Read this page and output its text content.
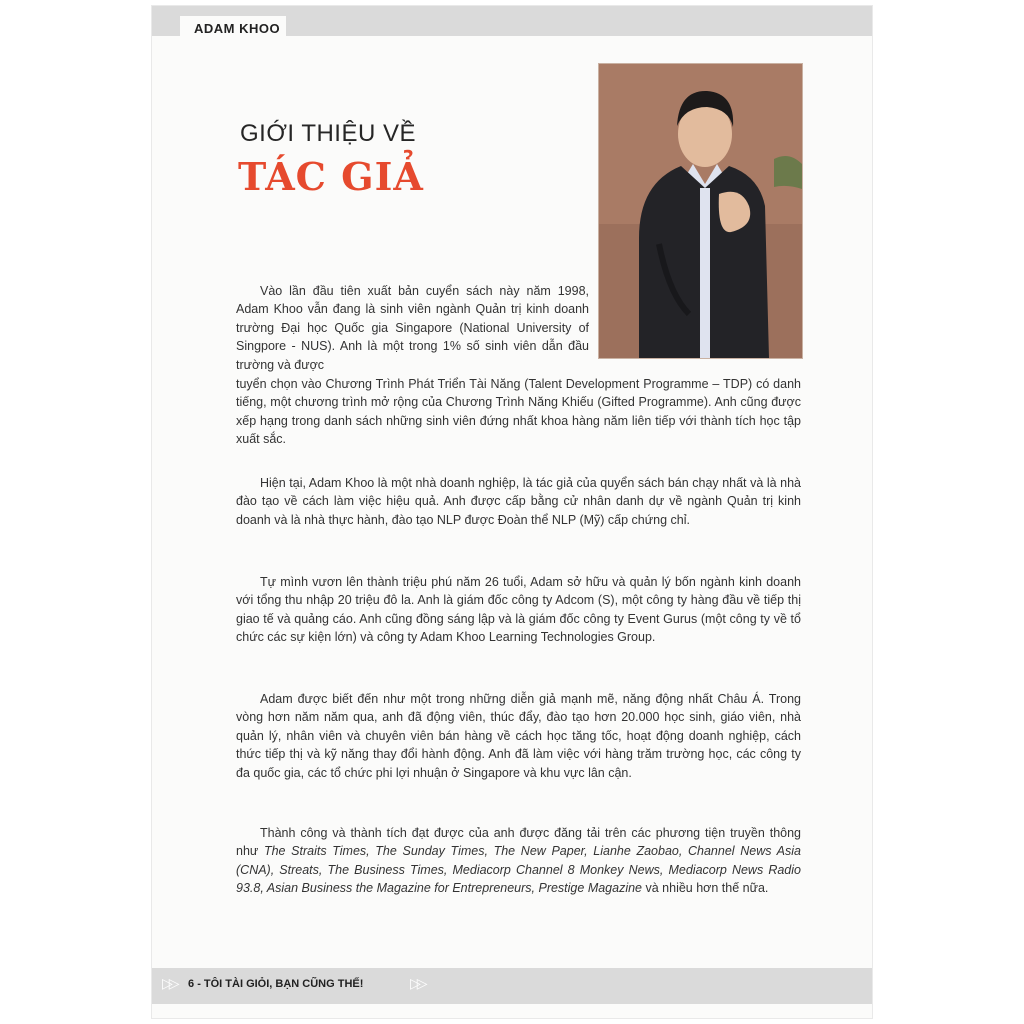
ADAM KHOO
GIỚI THIỆU VỀ
TÁC GIẢ
Vào lần đầu tiên xuất bản cuyển sách này năm 1998, Adam Khoo vẫn đang là sinh viên ngành Quản trị kinh doanh trường Đại học Quốc gia Singapore (National University of Singpore - NUS). Anh là một trong 1% số sinh viên dẫn đầu trường và được
tuyển chọn vào Chương Trình Phát Triển Tài Năng (Talent Development Programme – TDP) có danh tiếng, một chương trình mở rộng của Chương Trình Năng Khiếu (Gifted Programme). Anh cũng được xếp hạng trong danh sách những sinh viên đứng nhất khoa hàng năm liên tiếp với thành tích học tập xuất sắc.
Hiện tại, Adam Khoo là một nhà doanh nghiệp, là tác giả của quyển sách bán chạy nhất và là nhà đào tạo về cách làm việc hiệu quả. Anh được cấp bằng cử nhân danh dự về ngành Quản trị kinh doanh và là nhà thực hành, đào tạo NLP được Đoàn thể NLP (Mỹ) cấp chứng chỉ.
Tự mình vươn lên thành triệu phú năm 26 tuổi, Adam sở hữu và quản lý bốn ngành kinh doanh với tổng thu nhập 20 triệu đô la. Anh là giám đốc công ty Adcom (S), một công ty hàng đầu về tiếp thị giao tế và quảng cáo. Anh cũng đồng sáng lập và là giám đốc công ty Event Gurus (một công ty về tổ chức các sự kiện lớn) và công ty Adam Khoo Learning Technologies Group.
Adam được biết đến như một trong những diễn giả mạnh mẽ, năng động nhất Châu Á. Trong vòng hơn năm năm qua, anh đã động viên, thúc đẩy, đào tạo hơn 20.000 học sinh, giáo viên, nhà quản lý, nhân viên và chuyên viên bán hàng về cách học tăng tốc, hoạt động doanh nghiệp, cách thức tiếp thị và kỹ năng thay đổi hành động. Anh đã làm việc với hàng trăm trường học, các công ty đa quốc gia, các tổ chức phi lợi nhuận ở Singapore và khu vực lân cận.
Thành công và thành tích đạt được của anh được đăng tải trên các phương tiện truyền thông như The Straits Times, The Sunday Times, The New Paper, Lianhe Zaobao, Channel News Asia (CNA), Streats, The Business Times, Mediacorp Channel 8 Monkey News, Mediacorp News Radio 93.8, Asian Business the Magazine for Entrepreneurs, Prestige Magazine và nhiều hơn thế nữa.
▷▷ 6 - TÔI TÀI GIỎI, BẠN CŨNG THẾ!	▷▷
